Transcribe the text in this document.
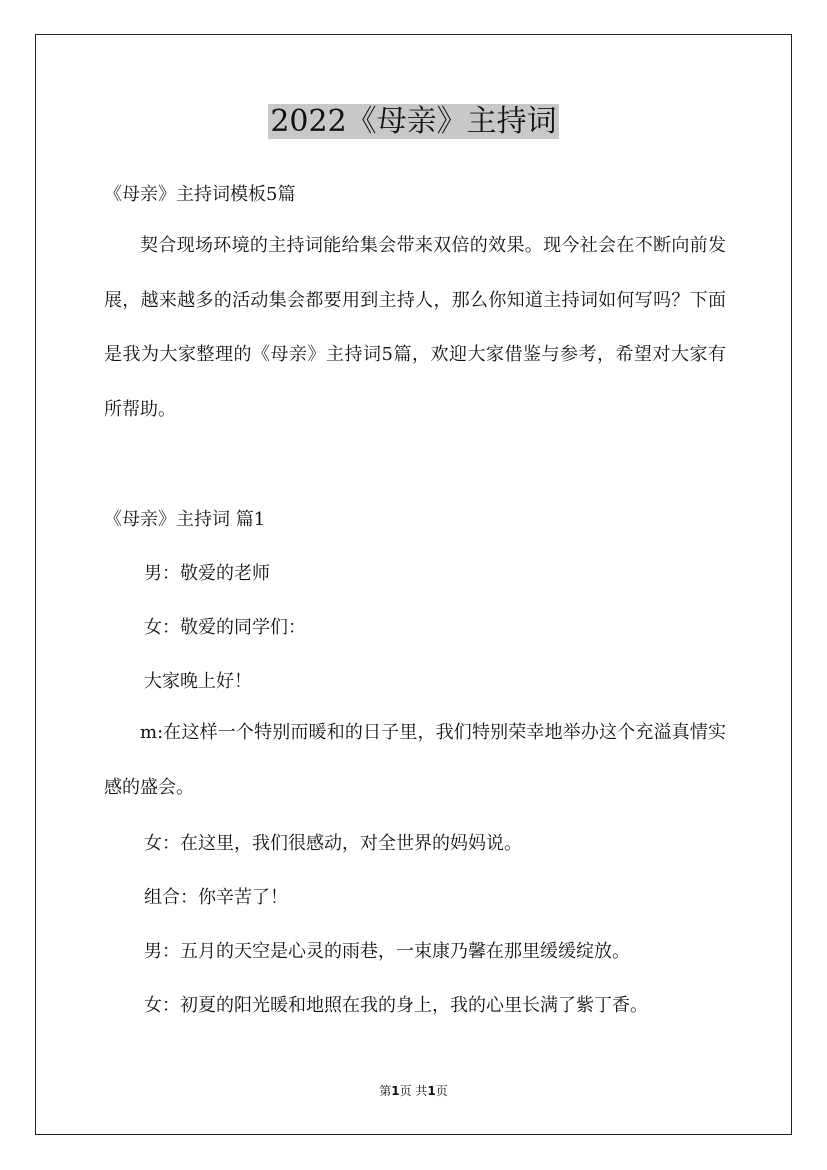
2022《母亲》主持词

《母亲》主持词模板5篇

契合现场环境的主持词能给集会带来双倍的效果。现今社会在不断向前发展，越来越多的活动集会都要用到主持人，那么你知道主持词如何写吗？下面是我为大家整理的《母亲》主持词5篇，欢迎大家借鉴与参考，希望对大家有所帮助。

《母亲》主持词 篇1

男：敬爱的老师

女：敬爱的同学们：

大家晚上好！

m:在这样一个特别而暖和的日子里，我们特别荣幸地举办这个充溢真情实感的盛会。

女：在这里，我们很感动，对全世界的妈妈说。

组合：你辛苦了！

男：五月的天空是心灵的雨巷，一束康乃馨在那里缓缓绽放。

女：初夏的阳光暖和地照在我的身上，我的心里长满了紫丁香。

第1页 共1页
